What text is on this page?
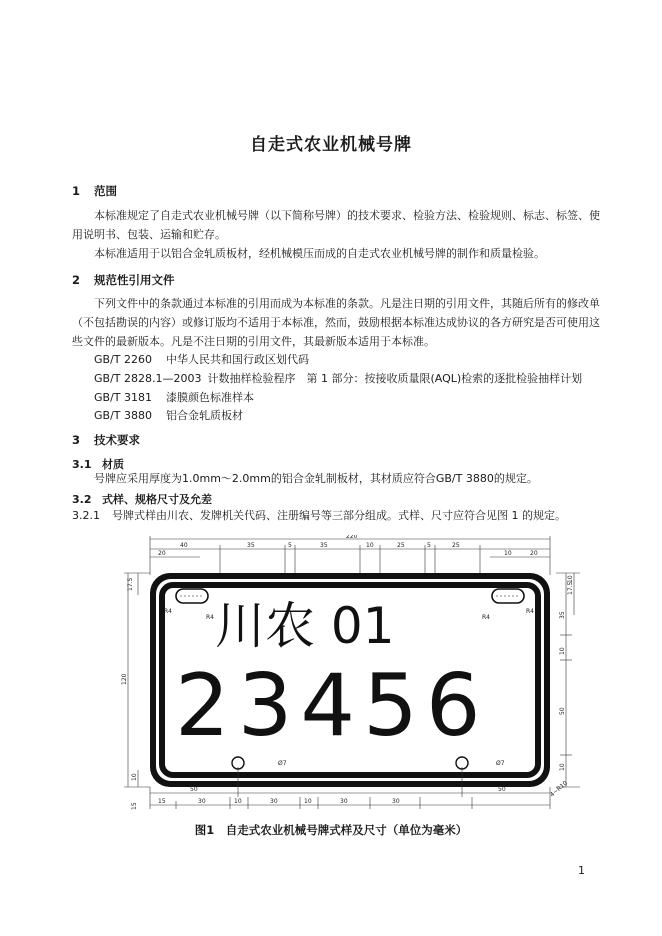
自走式农业机械号牌
1 范围
本标准规定了自走式农业机械号牌（以下简称号牌）的技术要求、检验方法、检验规则、标志、标签、使用说明书、包装、运输和贮存。
本标准适用于以铝合金轧质板材，经机械模压而成的自走式农业机械号牌的制作和质量检验。
2 规范性引用文件
下列文件中的条款通过本标准的引用而成为本标准的条款。凡是注日期的引用文件，其随后所有的修改单（不包括勘误的内容）或修订版均不适用于本标准，然而，鼓励根据本标准达成协议的各方研究是否可使用这些文件的最新版本。凡是不注日期的引用文件，其最新版本适用于本标准。
GB/T 2260 中华人民共和国行政区划代码
GB/T 2828.1—2003 计数抽样检验程序　第 1 部分：按接收质量限(AQL)检索的逐批检验抽样计划
GB/T 3181 漆膜颜色标准样本
GB/T 3880 铝合金轧质板材
3 技术要求
3.1 材质
号牌应采用厚度为1.0mm～2.0mm的铝合金轧制板材，其材质应符合GB/T 3880的规定。
3.2 式样、规格尺寸及允差
3.2.1 号牌式样由川农、发牌机关代码、注册编号等三部分组成。式样、尺寸应符合见图 1 的规定。
220
40	35	5	35	10	25	5	25
20	10	20
17.5
120
15
10
17.5
35
10
50
10
10
R4
R4	R4
R4
Ø7	Ø7
4~R10
川农 01
23456
15	30	10	30	10	30	30
50	50
图1　自走式农业机械号牌式样及尺寸（单位为毫米）
1
